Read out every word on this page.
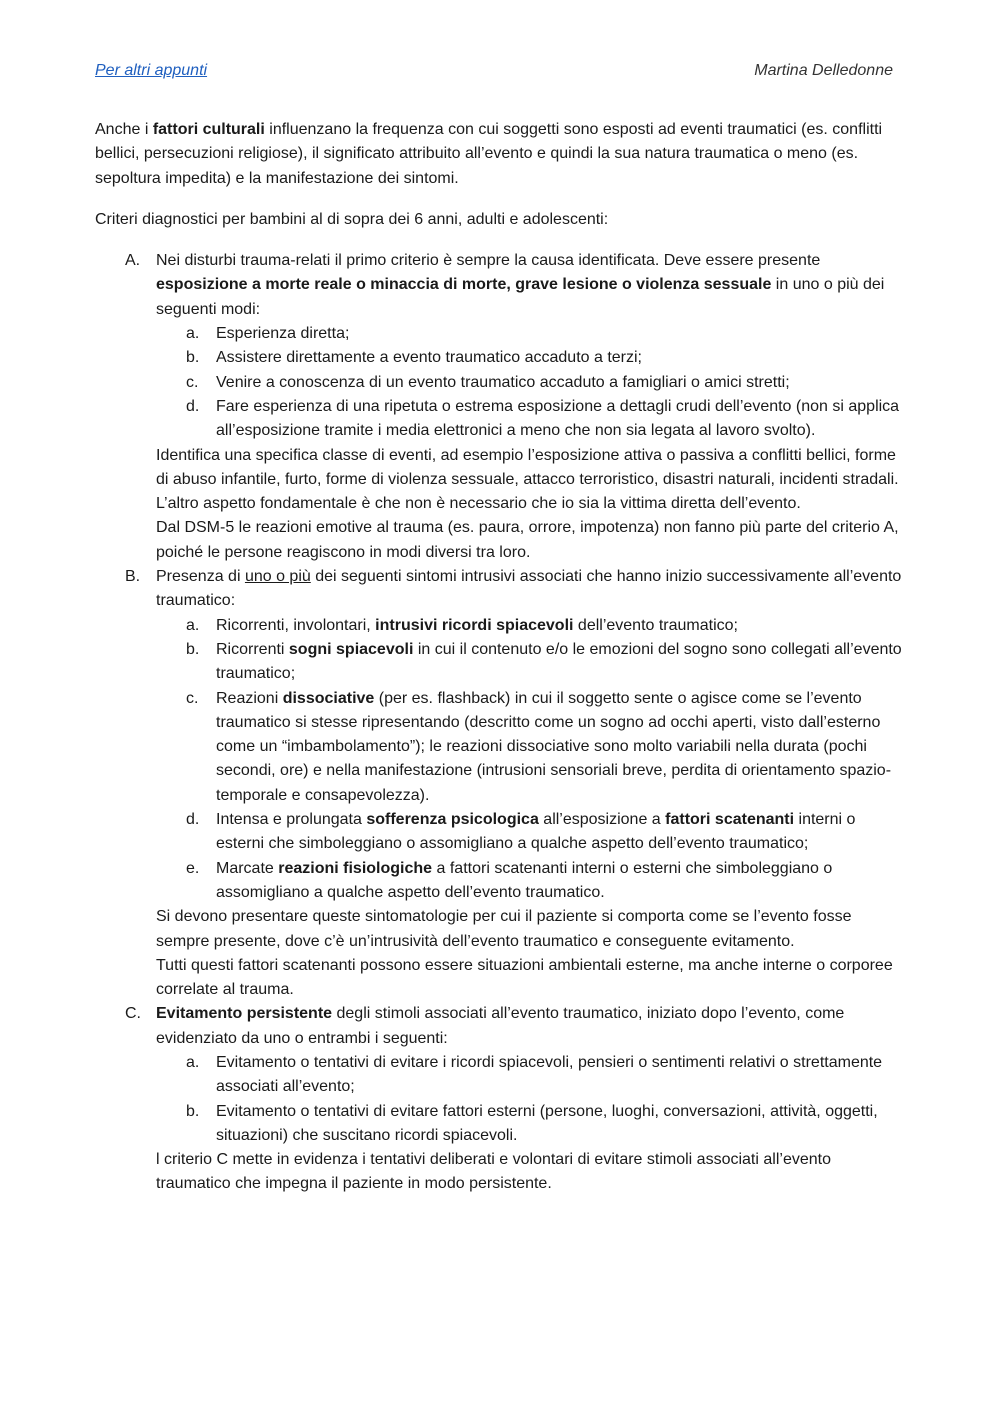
Per altri appunti	Martina Delledonne

Anche i fattori culturali influenzano la frequenza con cui soggetti sono esposti ad eventi traumatici (es. conflitti bellici, persecuzioni religiose), il significato attribuito all’evento e quindi la sua natura traumatica o meno (es. sepoltura impedita) e la manifestazione dei sintomi.

Criteri diagnostici per bambini al di sopra dei 6 anni, adulti e adolescenti:

A. Nei disturbi trauma-relati il primo criterio è sempre la causa identificata. Deve essere presente esposizione a morte reale o minaccia di morte, grave lesione o violenza sessuale in uno o più dei seguenti modi:
a. Esperienza diretta;
b. Assistere direttamente a evento traumatico accaduto a terzi;
c. Venire a conoscenza di un evento traumatico accaduto a famigliari o amici stretti;
d. Fare esperienza di una ripetuta o estrema esposizione a dettagli crudi dell’evento (non si applica all’esposizione tramite i media elettronici a meno che non sia legata al lavoro svolto).

Identifica una specifica classe di eventi, ad esempio l’esposizione attiva o passiva a conflitti bellici, forme di abuso infantile, furto, forme di violenza sessuale, attacco terroristico, disastri naturali, incidenti stradali.

L’altro aspetto fondamentale è che non è necessario che io sia la vittima diretta dell’evento.

Dal DSM-5 le reazioni emotive al trauma (es. paura, orrore, impotenza) non fanno più parte del criterio A, poiché le persone reagiscono in modi diversi tra loro.

B. Presenza di uno o più dei seguenti sintomi intrusivi associati che hanno inizio successivamente all’evento traumatico:
a. Ricorrenti, involontari, intrusivi ricordi spiacevoli dell’evento traumatico;
b. Ricorrenti sogni spiacevoli in cui il contenuto e/o le emozioni del sogno sono collegati all’evento traumatico;
c. Reazioni dissociative (per es. flashback) in cui il soggetto sente o agisce come se l’evento traumatico si stesse ripresentando (descritto come un sogno ad occhi aperti, visto dall’esterno come un “imbambolamento”); le reazioni dissociative sono molto variabili nella durata (pochi secondi, ore) e nella manifestazione (intrusioni sensoriali breve, perdita di orientamento spazio-temporale e consapevolezza).
d. Intensa e prolungata sofferenza psicologica all’esposizione a fattori scatenanti interni o esterni che simboleggiano o assomigliano a qualche aspetto dell’evento traumatico;
e. Marcate reazioni fisiologiche a fattori scatenanti interni o esterni che simboleggiano o assomigliano a qualche aspetto dell’evento traumatico.

Si devono presentare queste sintomatologie per cui il paziente si comporta come se l’evento fosse sempre presente, dove c’è un’intrusività dell’evento traumatico e conseguente evitamento.

Tutti questi fattori scatenanti possono essere situazioni ambientali esterne, ma anche interne o corporee correlate al trauma.

C. Evitamento persistente degli stimoli associati all’evento traumatico, iniziato dopo l’evento, come evidenziato da uno o entrambi i seguenti:
a. Evitamento o tentativi di evitare i ricordi spiacevoli, pensieri o sentimenti relativi o strettamente associati all’evento;
b. Evitamento o tentativi di evitare fattori esterni (persone, luoghi, conversazioni, attività, oggetti, situazioni) che suscitano ricordi spiacevoli.

l criterio C mette in evidenza i tentativi deliberati e volontari di evitare stimoli associati all’evento traumatico che impegna il paziente in modo persistente.
